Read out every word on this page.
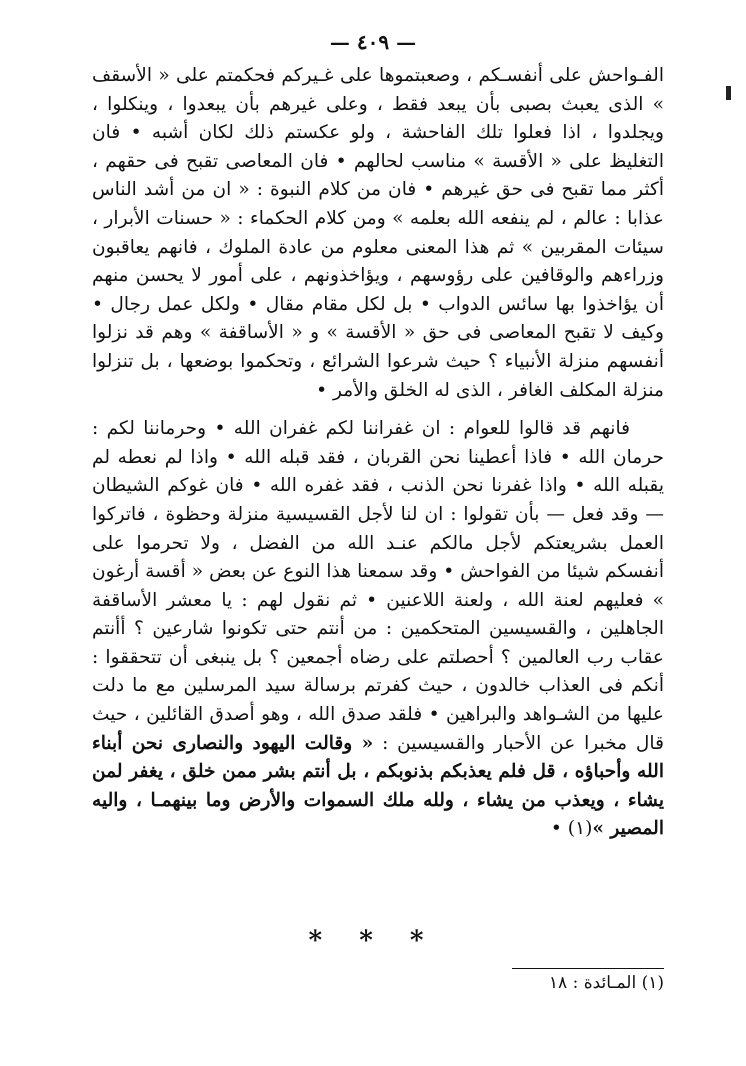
— ٤٠٩ —

الفـواحش على أنفسـكم ، وصعبتموها على غـيركم فحكمتم على « الأسقف » الذى يعبث بصبى بأن يبعد فقط ، وعلى غيرهم بأن يبعدوا ، وينكلوا ، ويجلدوا ، اذا فعلوا تلك الفاحشة ، ولو عكستم ذلك لكان أشبه • فان التغليظ على « الأقسة » مناسب لحالهم • فان المعاصى تقبح فى حقهم ، أكثر مما تقبح فى حق غيرهم • فان من كلام النبوة : « ان من أشد الناس عذابا : عالم ، لم ينفعه الله بعلمه » ومن كلام الحكماء : « حسنات الأبرار ، سيئات المقربين » ثم هذا المعنى معلوم من عادة الملوك ، فانهم يعاقبون وزراءهم والوقافين على رؤوسهم ، ويؤاخذونهم ، على أمور لا يحسن منهم أن يؤاخذوا بها سائس الدواب • بل لكل مقام مقال • ولكل عمل رجال • وكيف لا تقبح المعاصى فى حق « الأقسة » و « الأساقفة » وهم قد نزلوا أنفسهم منزلة الأنبياء ؟ حيث شرعوا الشرائع ، وتحكموا بوضعها ، بل تنزلوا منزلة المكلف الغافر ، الذى له الخلق والأمر •

فانهم قد قالوا للعوام : ان غفراننا لكم غفران الله • وحرماننا لكم : حرمان الله • فاذا أعطينا نحن القربان ، فقد قبله الله • واذا لم نعطه لم يقبله الله • واذا غفرنا نحن الذنب ، فقد غفره الله • فان غوكم الشيطان — وقد فعل — بأن تقولوا : ان لنا لأجل القسيسية منزلة وحظوة ، فاتركوا العمل بشريعتكم لأجل مالكم عنـد الله من الفضل ، ولا تحرموا على أنفسكم شيئا من الفواحش • وقد سمعنا هذا النوع عن بعض « أقسة أرغون » فعليهم لعنة الله ، ولعنة اللاعنين • ثم نقول لهم : يا معشر الأساقفة الجاهلين ، والقسيسين المتحكمين : من أنتم حتى تكونوا شارعين ؟ أأنتم عقاب رب العالمين ؟ أحصلتم على رضاه أجمعين ؟ بل ينبغى أن تتحققوا : أنكم فى العذاب خالدون ، حيث كفرتم برسالة سيد المرسلين مع ما دلت عليها من الشـواهد والبراهين • فلقد صدق الله ، وهو أصدق القائلين ، حيث قال مخبرا عن الأحبار والقسيسين : « وقالت اليهود والنصارى نحن أبناء الله وأحباؤه ، قل فلم يعذبكم بذنوبكم ، بل أنتم بشر ممن خلق ، يغفر لمن يشاء ، ويعذب من يشاء ، ولله ملك السموات والأرض وما بينهمـا ، واليه المصير »(١) •

* * *
(١) المـائدة : ١٨
